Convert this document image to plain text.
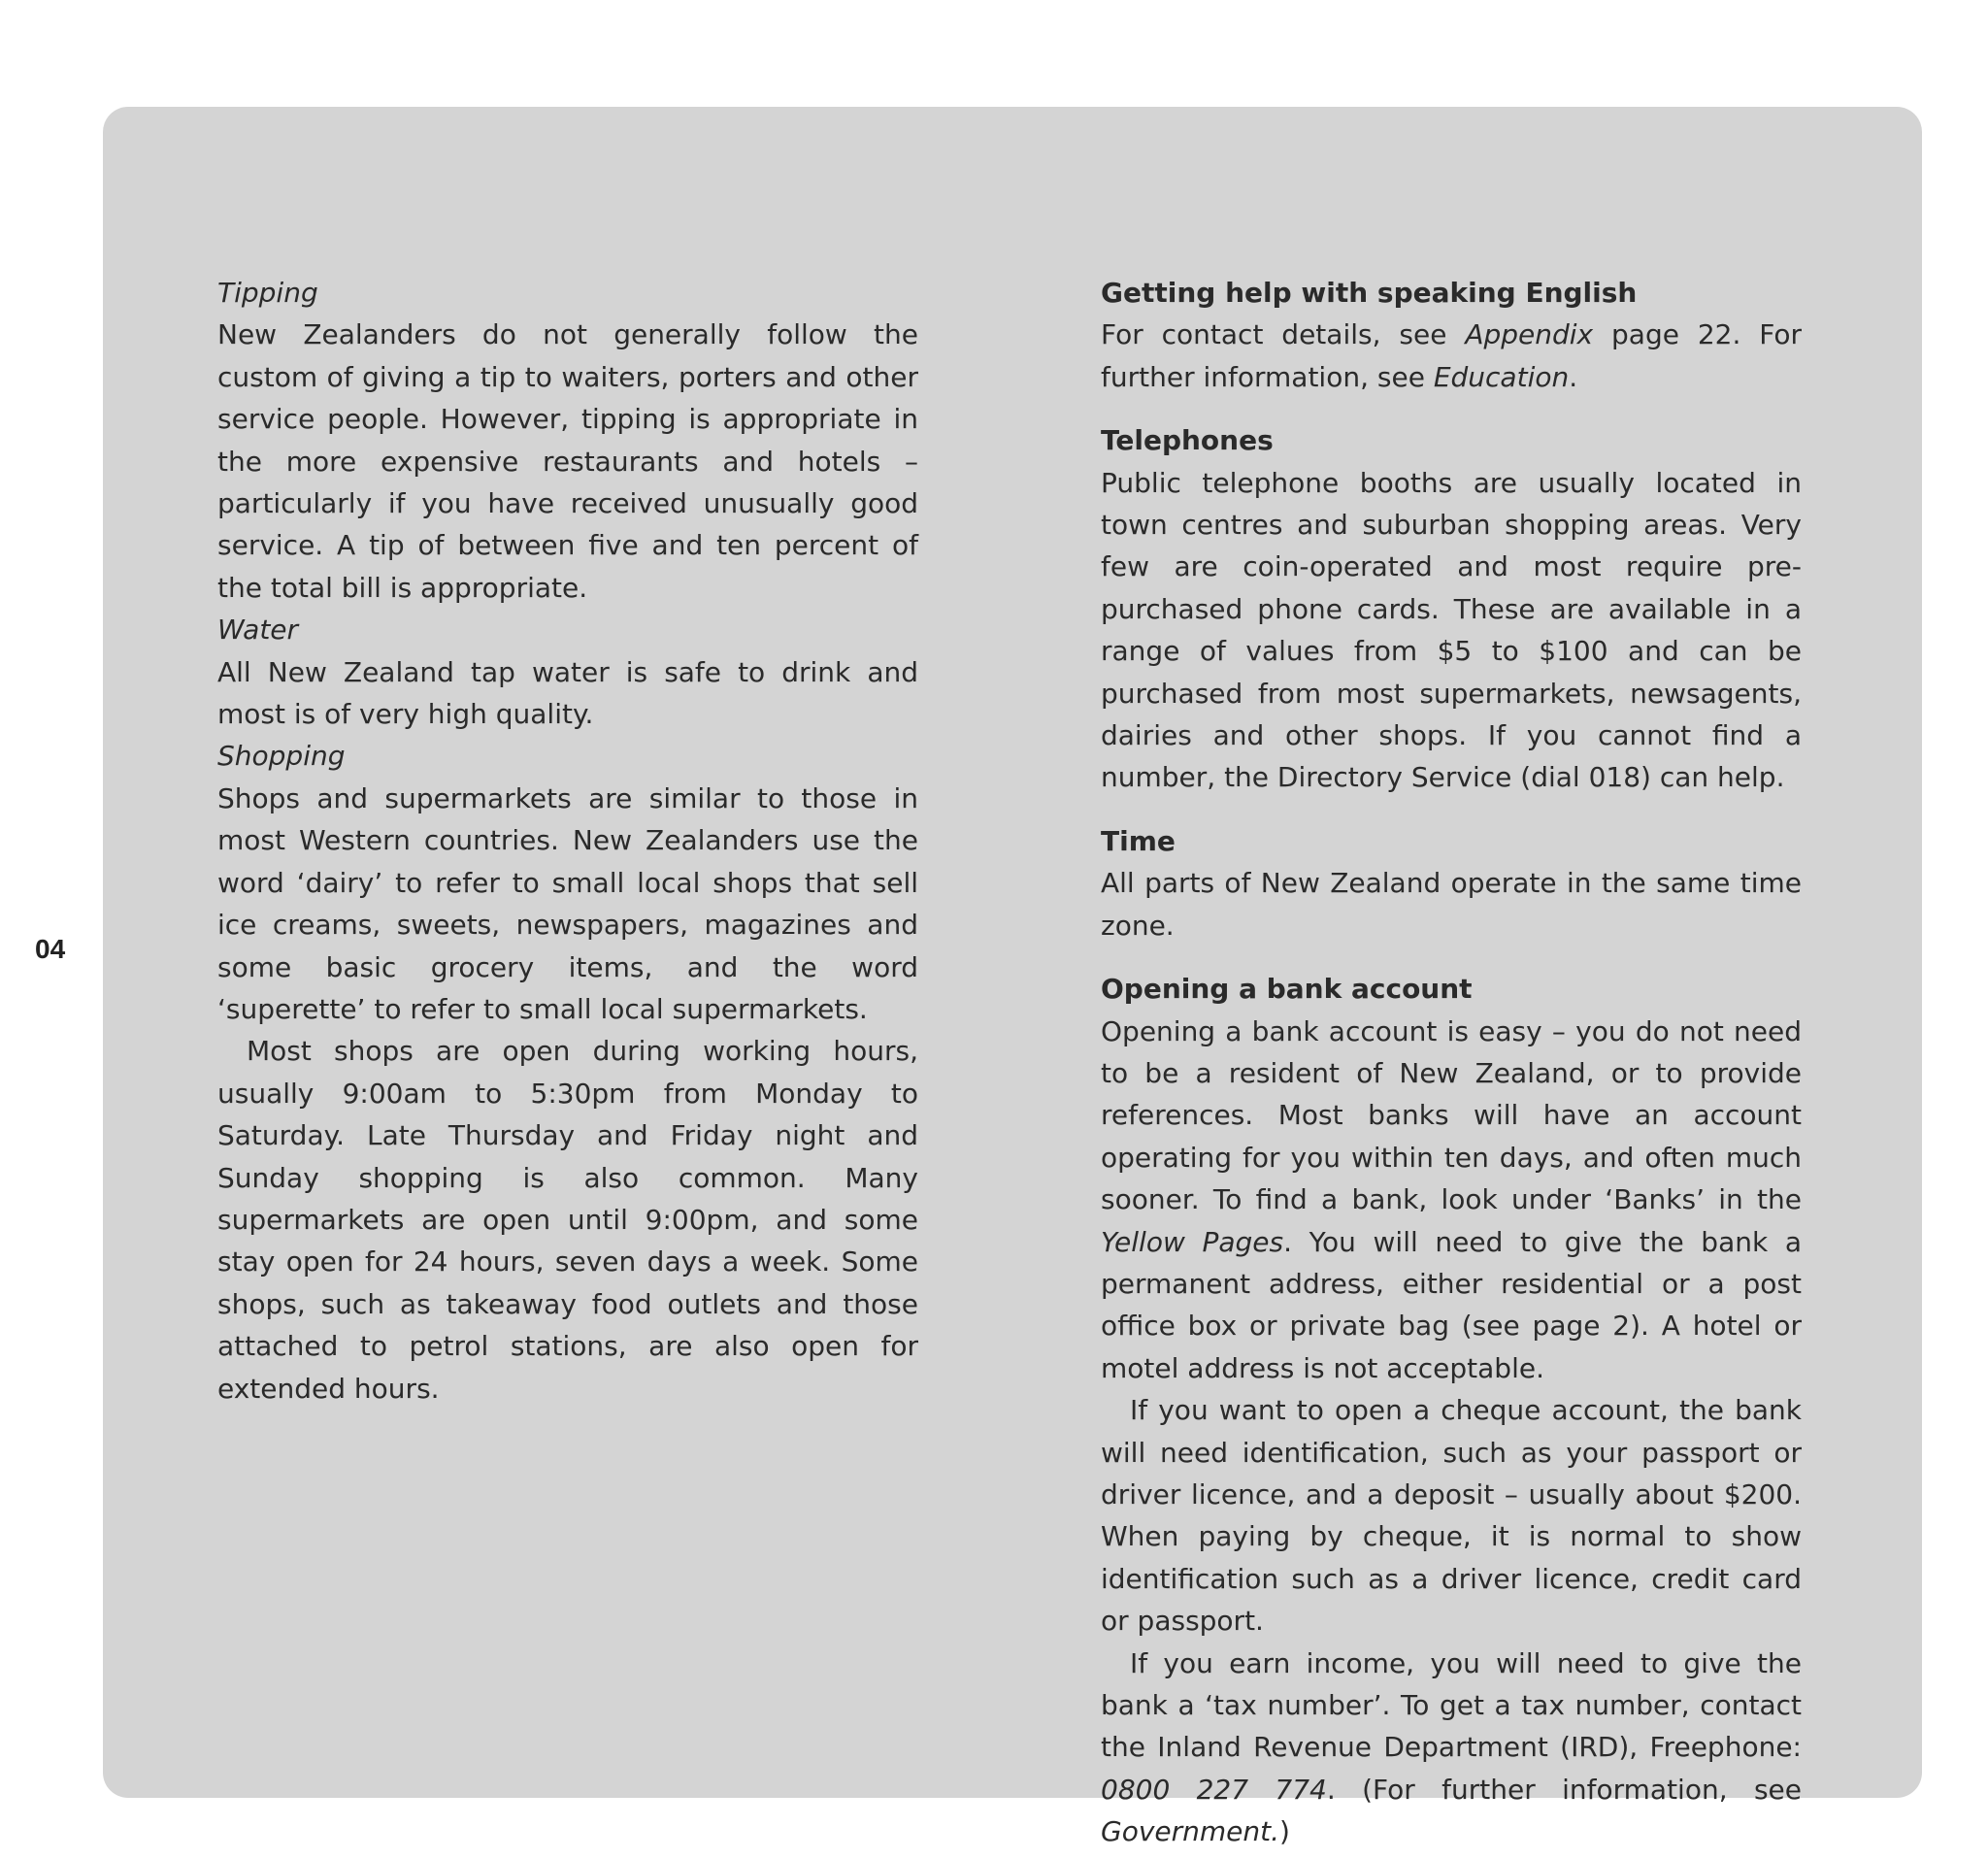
04

Tipping

New Zealanders do not generally follow the custom of giving a tip to waiters, porters and other service people. However, tipping is appropriate in the more expensive restaurants and hotels – particularly if you have received unusually good service. A tip of between five and ten percent of the total bill is appropriate.

Water

All New Zealand tap water is safe to drink and most is of very high quality.

Shopping

Shops and supermarkets are similar to those in most Western countries. New Zealanders use the word ‘dairy’ to refer to small local shops that sell ice creams, sweets, newspapers, magazines and some basic grocery items, and the word ‘superette’ to refer to small local supermarkets.

Most shops are open during working hours, usually 9:00am to 5:30pm from Monday to Saturday. Late Thursday and Friday night and Sunday shopping is also common. Many supermarkets are open until 9:00pm, and some stay open for 24 hours, seven days a week. Some shops, such as takeaway food outlets and those attached to petrol stations, are also open for extended hours.

Getting help with speaking English

For contact details, see Appendix page 22. For further information, see Education.

Telephones

Public telephone booths are usually located in town centres and suburban shopping areas. Very few are coin-operated and most require pre-purchased phone cards. These are available in a range of values from $5 to $100 and can be purchased from most supermarkets, newsagents, dairies and other shops. If you cannot find a number, the Directory Service (dial 018) can help.

Time

All parts of New Zealand operate in the same time zone.

Opening a bank account

Opening a bank account is easy – you do not need to be a resident of New Zealand, or to provide references. Most banks will have an account operating for you within ten days, and often much sooner. To find a bank, look under ‘Banks’ in the Yellow Pages. You will need to give the bank a permanent address, either residential or a post office box or private bag (see page 2). A hotel or motel address is not acceptable.

If you want to open a cheque account, the bank will need identification, such as your passport or driver licence, and a deposit – usually about $200. When paying by cheque, it is normal to show identification such as a driver licence, credit card or passport.

If you earn income, you will need to give the bank a ‘tax number’. To get a tax number, contact the Inland Revenue Department (IRD), Freephone: 0800 227 774. (For further information, see Government.)
